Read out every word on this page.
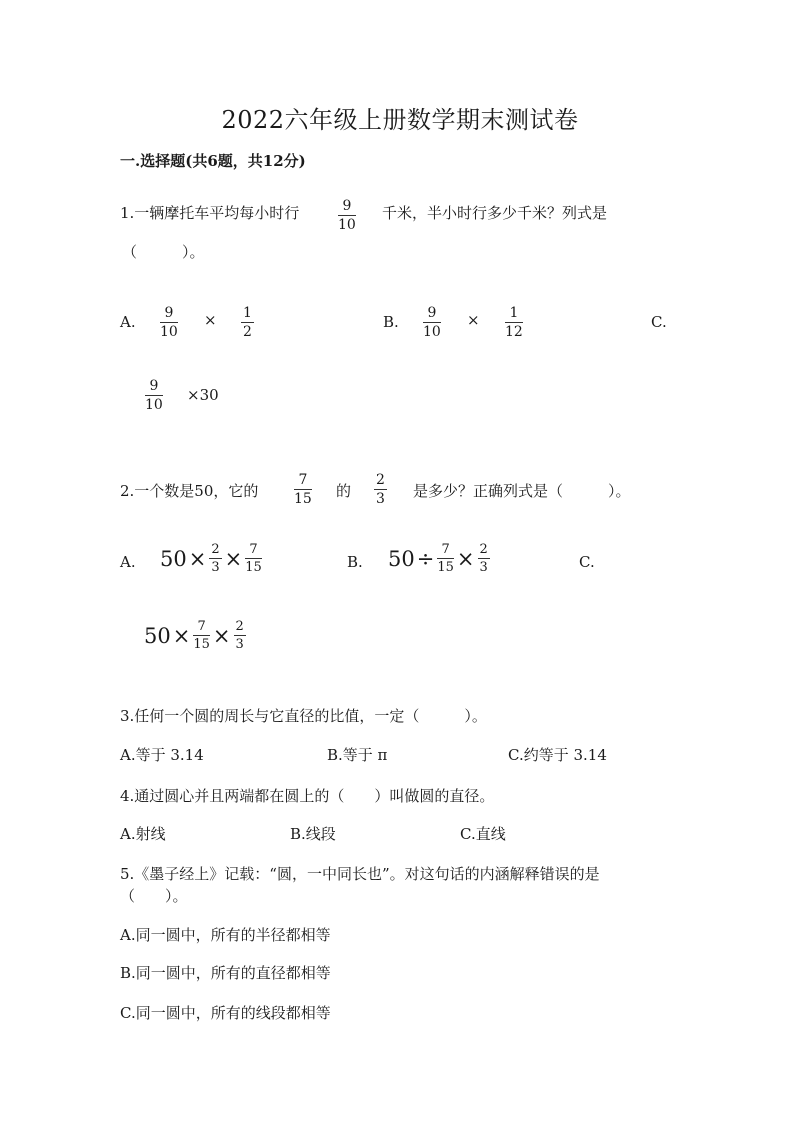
2022六年级上册数学期末测试卷
一.选择题(共6题，共12分)
1.一辆摩托车平均每小时行	9
10
千米，半小时行多少千米？列式是
（　　　）。
A. 9
10
× 1
2
B. 9
10
× 1
12
C.
9
10
×30
2.一个数是50，它的
7
15 的
2
3 是多少？正确列式是（　　　）。
A. $50 \times \frac{2}{3} \times \frac{7}{15}$	B. $50 \div \frac{7}{15} \times \frac{2}{3}$	C.
$50 \times \frac{7}{15} \times \frac{2}{3}$
3.任何一个圆的周长与它直径的比值，一定（　　　）。
A.等于 3.14	B.等于 π	C.约等于 3.14
4.通过圆心并且两端都在圆上的（　　）叫做圆的直径。
A.射线	B.线段	C.直线
5.《墨子经上》记载：“圆，一中同长也”。对这句话的内涵解释错误的是
（　　）。
A.同一圆中，所有的半径都相等
B.同一圆中，所有的直径都相等
C.同一圆中，所有的线段都相等
